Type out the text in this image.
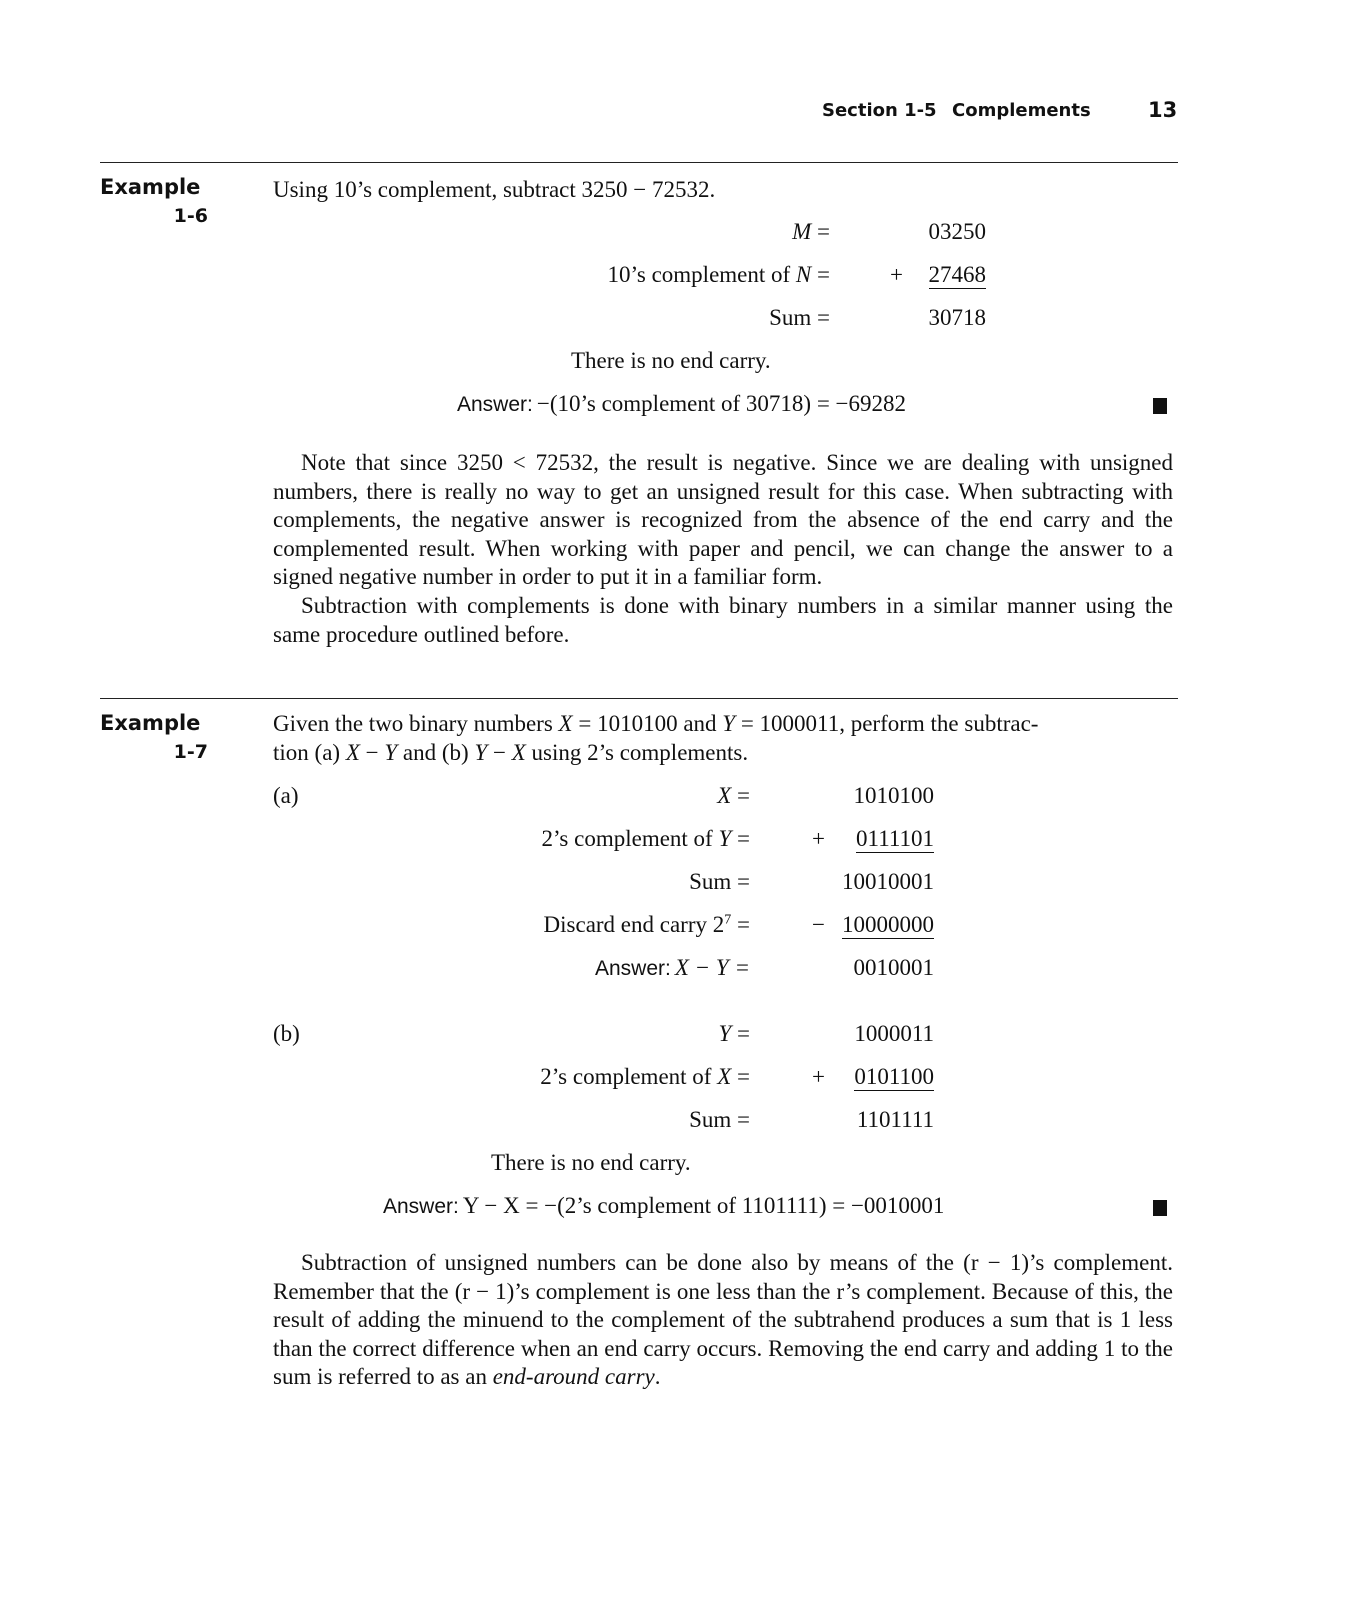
Section 1-5 Complements	13
Example
1-6
Using 10’s complement, subtract 3250 − 72532.
M =	03250
10’s complement of N =	+ 27468
Sum =	30718
There is no end carry.
Answer: −(10’s complement of 30718) = −69282

Note that since 3250 < 72532, the result is negative. Since we are dealing with unsigned numbers, there is really no way to get an unsigned result for this case. When subtracting with complements, the negative answer is recognized from the absence of the end carry and the complemented result. When working with paper and pencil, we can change the answer to a signed negative number in order to put it in a familiar form.

Subtraction with complements is done with binary numbers in a similar manner using the same procedure outlined before.

Example
1-7
Given the two binary numbers X = 1010100 and Y = 1000011, perform the subtrac-
tion (a) X − Y and (b) Y − X using 2’s complements.
(a)	X =	1010100
2’s complement of Y =	+ 0111101
Sum =	10010001
Discard end carry $2^7$ =	− 10000000
Answer: X − Y =	0010001
(b)	Y =	1000011
2’s complement of X =	+ 0101100
Sum =	1101111
There is no end carry.
Answer: Y − X = −(2’s complement of 1101111) = −0010001

Subtraction of unsigned numbers can be done also by means of the (r − 1)’s complement. Remember that the (r − 1)’s complement is one less than the r’s complement. Because of this, the result of adding the minuend to the complement of the subtrahend produces a sum that is 1 less than the correct difference when an end carry occurs. Removing the end carry and adding 1 to the sum is referred to as an end-around carry.
